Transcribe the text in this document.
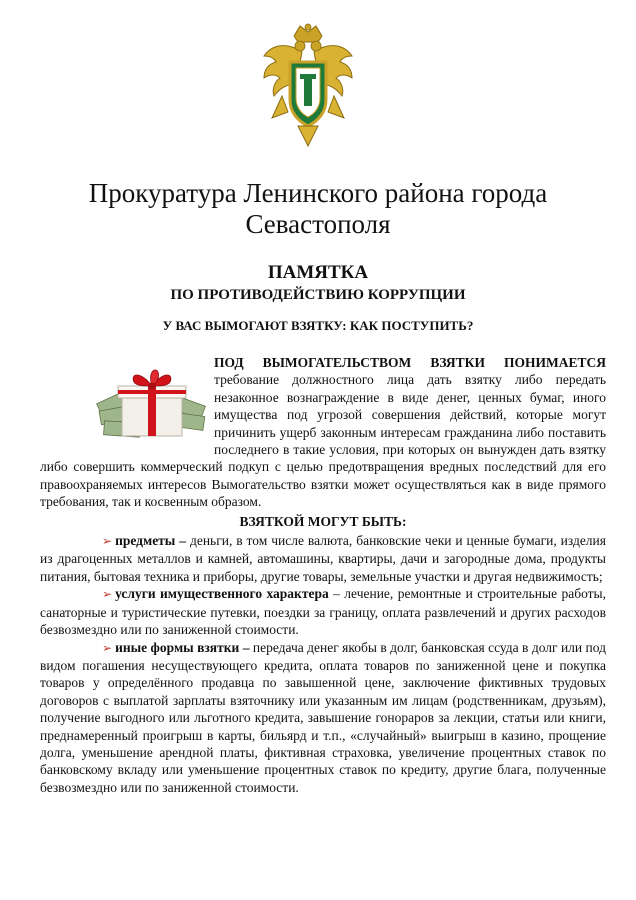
Прокуратура Ленинского района города Севастополя
ПАМЯТКА
ПО ПРОТИВОДЕЙСТВИЮ КОРРУПЦИИ
У ВАС ВЫМОГАЮТ ВЗЯТКУ: КАК ПОСТУПИТЬ?

ПОД ВЫМОГАТЕЛЬСТВОМ ВЗЯТКИ ПОНИМАЕТСЯ требование должностного лица дать взятку либо передать незаконное вознаграждение в виде денег, ценных бумаг, иного имущества под угрозой совершения действий, которые могут причинить ущерб законным интересам гражданина либо поставить последнего в такие условия, при которых он вынужден дать взятку либо совершить коммерческий подкуп с целью предотвращения вредных последствий для его правоохраняемых интересов Вымогательство взятки может осуществляться как в виде прямого требования, так и косвенным образом.

ВЗЯТКОЙ МОГУТ БЫТЬ:

➢ предметы – деньги, в том числе валюта, банковские чеки и ценные бумаги, изделия из драгоценных металлов и камней, автомашины, квартиры, дачи и загородные дома, продукты питания, бытовая техника и приборы, другие товары, земельные участки и другая недвижимость;

➢ услуги имущественного характера – лечение, ремонтные и строительные работы, санаторные и туристические путевки, поездки за границу, оплата развлечений и других расходов безвозмездно или по заниженной стоимости.

➢ иные формы взятки – передача денег якобы в долг, банковская ссуда в долг или под видом погашения несуществующего кредита, оплата товаров по заниженной цене и покупка товаров у определённого продавца по завышенной цене, заключение фиктивных трудовых договоров с выплатой зарплаты взяточнику или указанным им лицам (родственникам, друзьям), получение выгодного или льготного кредита, завышение гонораров за лекции, статьи или книги, преднамеренный проигрыш в карты, бильярд и т.п., «случайный» выигрыш в казино, прощение долга, уменьшение арендной платы, фиктивная страховка, увеличение процентных ставок по банковскому вкладу или уменьшение процентных ставок по кредиту, другие блага, полученные безвозмездно или по заниженной стоимости.
